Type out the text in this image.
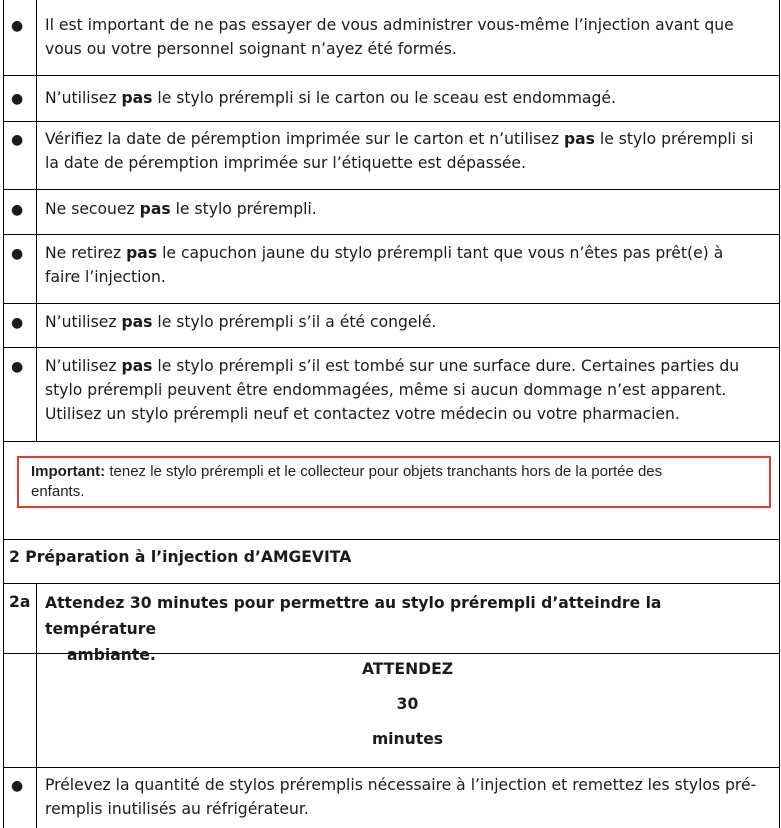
● Il est important de ne pas essayer de vous administrer vous-même l’injection avant que
vous ou votre personnel soignant n’ayez été formés.
● N’utilisez pas le stylo prérempli si le carton ou le sceau est endommagé.
● Vérifiez la date de péremption imprimée sur le carton et n’utilisez pas le stylo prérempli si
la date de péremption imprimée sur l’étiquette est dépassée.
● Ne secouez pas le stylo prérempli.
● Ne retirez pas le capuchon jaune du stylo prérempli tant que vous n’êtes pas prêt(e) à
faire l’injection.
● N’utilisez pas le stylo prérempli s’il a été congelé.
● N’utilisez pas le stylo prérempli s’il est tombé sur une surface dure. Certaines parties du
stylo prérempli peuvent être endommagées, même si aucun dommage n’est apparent.
Utilisez un stylo prérempli neuf et contactez votre médecin ou votre pharmacien.
Important: tenez le stylo prérempli et le collecteur pour objets tranchants hors de la portée des
enfants.
2 Préparation à l’injection d’AMGEVITA
2a Attendez 30 minutes pour permettre au stylo prérempli d’atteindre la température
ambiante.
ATTENDEZ
30
minutes
● Prélevez la quantité de stylos préremplis nécessaire à l’injection et remettez les stylos pré-
remplis inutilisés au réfrigérateur.
